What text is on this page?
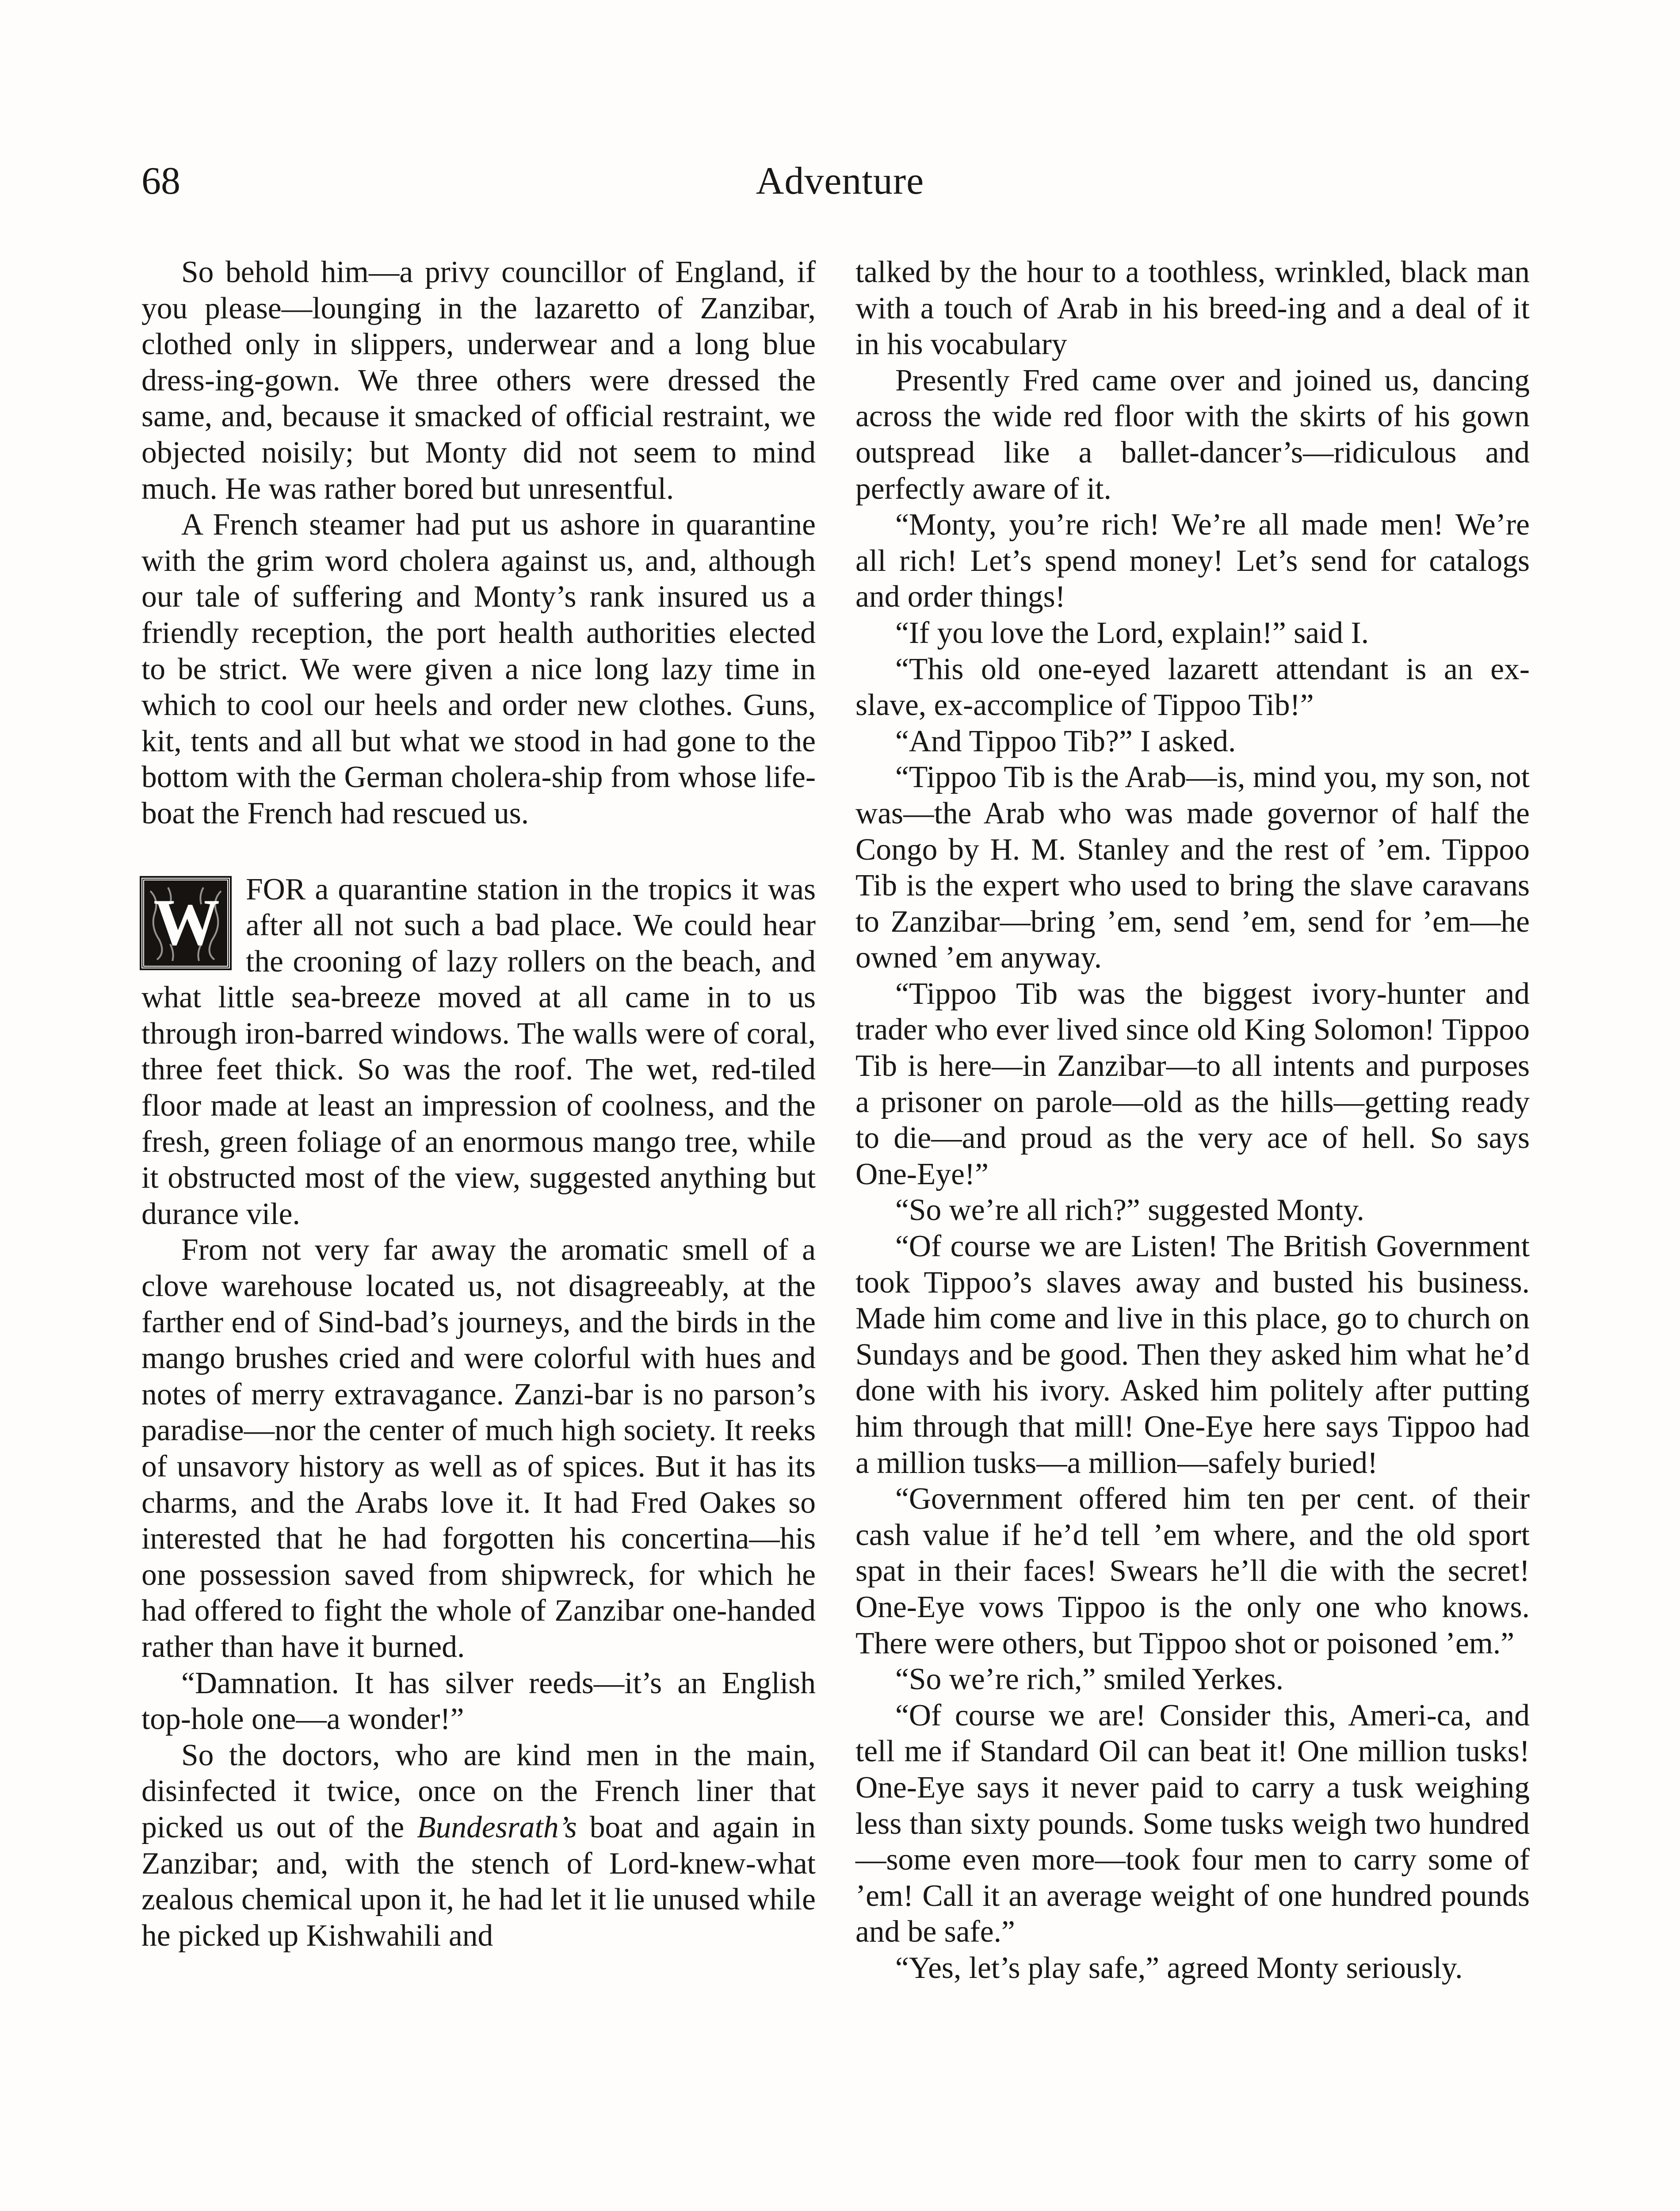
68	Adventure

So behold him—a privy councillor of England, if you please—lounging in the lazaretto of Zanzibar, clothed only in slippers, underwear and a long blue dress-ing-gown. We three others were dressed the same, and, because it smacked of official restraint, we objected noisily; but Monty did not seem to mind much. He was rather bored but unresentful.

A French steamer had put us ashore in quarantine with the grim word cholera against us, and, although our tale of suffering and Monty’s rank insured us a friendly reception, the port health authorities elected to be strict. We were given a nice long lazy time in which to cool our heels and order new clothes. Guns, kit, tents and all but what we stood in had gone to the bottom with the German cholera-ship from whose life-boat the French had rescued us.

W FOR a quarantine station in the tropics it was after all not such a bad place. We could hear the crooning of lazy rollers on the beach, and what little sea-breeze moved at all came in to us through iron-barred windows. The walls were of coral, three feet thick. So was the roof. The wet, red-tiled floor made at least an impression of coolness, and the fresh, green foliage of an enormous mango tree, while it obstructed most of the view, suggested anything but durance vile.

From not very far away the aromatic smell of a clove warehouse located us, not disagreeably, at the farther end of Sind-bad’s journeys, and the birds in the mango brushes cried and were colorful with hues and notes of merry extravagance. Zanzi-bar is no parson’s paradise—nor the center of much high society. It reeks of unsavory history as well as of spices. But it has its charms, and the Arabs love it. It had Fred Oakes so interested that he had forgotten his concertina—his one possession saved from shipwreck, for which he had offered to fight the whole of Zanzibar one-handed rather than have it burned.

“Damnation. It has silver reeds—it’s an English top-hole one—a wonder!”

So the doctors, who are kind men in the main, disinfected it twice, once on the French liner that picked us out of the Bundesrath’s boat and again in Zanzibar; and, with the stench of Lord-knew-what zealous chemical upon it, he had let it lie unused while he picked up Kishwahili and

talked by the hour to a toothless, wrinkled, black man with a touch of Arab in his breed-ing and a deal of it in his vocabulary

Presently Fred came over and joined us, dancing across the wide red floor with the skirts of his gown outspread like a ballet-dancer’s—ridiculous and perfectly aware of it.

“Monty, you’re rich! We’re all made men! We’re all rich! Let’s spend money! Let’s send for catalogs and order things!

“If you love the Lord, explain!” said I.

“This old one-eyed lazarett attendant is an ex-slave, ex-accomplice of Tippoo Tib!”

“And Tippoo Tib?” I asked.

“Tippoo Tib is the Arab—is, mind you, my son, not was—the Arab who was made governor of half the Congo by H. M. Stanley and the rest of ’em. Tippoo Tib is the expert who used to bring the slave caravans to Zanzibar—bring ’em, send ’em, send for ’em—he owned ’em anyway.

“Tippoo Tib was the biggest ivory-hunter and trader who ever lived since old King Solomon! Tippoo Tib is here—in Zanzibar—to all intents and purposes a prisoner on parole—old as the hills—getting ready to die—and proud as the very ace of hell. So says One-Eye!”

“So we’re all rich?” suggested Monty.

“Of course we are Listen! The British Government took Tippoo’s slaves away and busted his business. Made him come and live in this place, go to church on Sundays and be good. Then they asked him what he’d done with his ivory. Asked him politely after putting him through that mill! One-Eye here says Tippoo had a million tusks—a million—safely buried!

“Government offered him ten per cent. of their cash value if he’d tell ’em where, and the old sport spat in their faces! Swears he’ll die with the secret! One-Eye vows Tippoo is the only one who knows. There were others, but Tippoo shot or poisoned ’em.”

“So we’re rich,” smiled Yerkes.

“Of course we are! Consider this, Ameri-ca, and tell me if Standard Oil can beat it! One million tusks! One-Eye says it never paid to carry a tusk weighing less than sixty pounds. Some tusks weigh two hundred—some even more—took four men to carry some of ’em! Call it an average weight of one hundred pounds and be safe.”

“Yes, let’s play safe,” agreed Monty seriously.
